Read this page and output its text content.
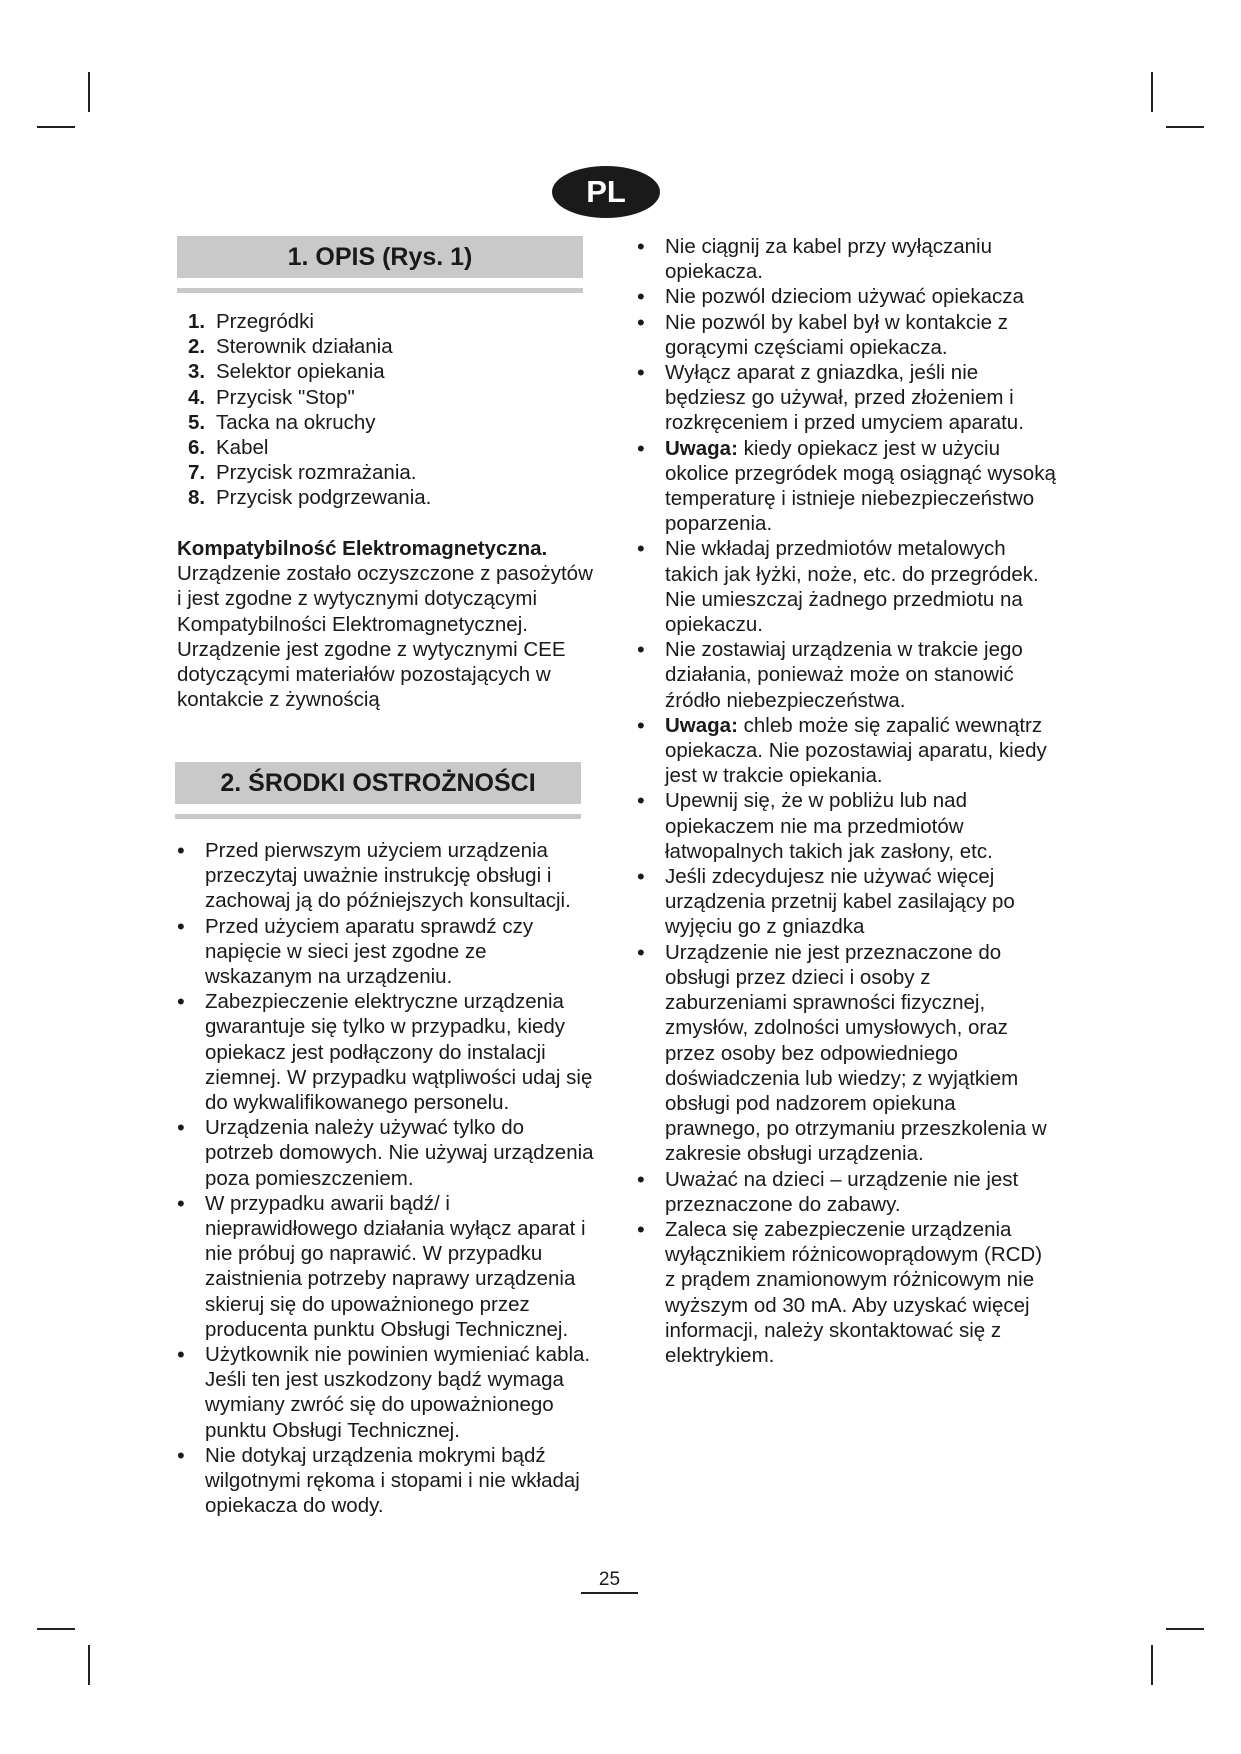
PL
1. OPIS (Rys. 1)
1. Przegródki
2. Sterownik działania
3. Selektor opiekania
4. Przycisk "Stop"
5. Tacka na okruchy
6. Kabel
7. Przycisk rozmrażania.
8. Przycisk podgrzewania.

Kompatybilność Elektromagnetyczna.

Urządzenie zostało oczyszczone z pasożytów i jest zgodne z wytycznymi dotyczącymi Kompatybilności Elektromagnetycznej.

Urządzenie jest zgodne z wytycznymi CEE dotyczącymi materiałów pozostających w kontakcie z żywnością

2. ŚRODKI OSTROŻNOŚCI
• Przed pierwszym użyciem urządzenia przeczytaj uważnie instrukcję obsługi i zachowaj ją do późniejszych konsultacji.
• Przed użyciem aparatu sprawdź czy napięcie w sieci jest zgodne ze wskazanym na urządzeniu.
• Zabezpieczenie elektryczne urządzenia gwarantuje się tylko w przypadku, kiedy opiekacz jest podłączony do instalacji ziemnej. W przypadku wątpliwości udaj się do wykwalifikowanego personelu.
• Urządzenia należy używać tylko do potrzeb domowych. Nie używaj urządzenia poza pomieszczeniem.
• W przypadku awarii bądź/ i nieprawidłowego działania wyłącz aparat i nie próbuj go naprawić. W przypadku zaistnienia potrzeby naprawy urządzenia skieruj się do upoważnionego przez producenta punktu Obsługi Technicznej.
• Użytkownik nie powinien wymieniać kabla. Jeśli ten jest uszkodzony bądź wymaga wymiany zwróć się do upoważnionego punktu Obsługi Technicznej.
• Nie dotykaj urządzenia mokrymi bądź wilgotnymi rękoma i stopami i nie wkładaj opiekacza do wody.
• Nie ciągnij za kabel przy wyłączaniu opiekacza.
• Nie pozwól dzieciom używać opiekacza
• Nie pozwól by kabel był w kontakcie z gorącymi częściami opiekacza.
• Wyłącz aparat z gniazdka, jeśli nie będziesz go używał, przed złożeniem i rozkręceniem i przed umyciem aparatu.
• Uwaga: kiedy opiekacz jest w użyciu okolice przegródek mogą osiągnąć wysoką temperaturę i istnieje niebezpieczeństwo poparzenia.
• Nie wkładaj przedmiotów metalowych takich jak łyżki, noże, etc. do przegródek. Nie umieszczaj żadnego przedmiotu na opiekaczu.
• Nie zostawiaj urządzenia w trakcie jego działania, ponieważ może on stanowić źródło niebezpieczeństwa.
• Uwaga: chleb może się zapalić wewnątrz opiekacza. Nie pozostawiaj aparatu, kiedy jest w trakcie opiekania.
• Upewnij się, że w pobliżu lub nad opiekaczem nie ma przedmiotów łatwopalnych takich jak zasłony, etc.
• Jeśli zdecydujesz nie używać więcej urządzenia przetnij kabel zasilający po wyjęciu go z gniazdka
• Urządzenie nie jest przeznaczone do obsługi przez dzieci i osoby z zaburzeniami sprawności fizycznej, zmysłów, zdolności umysłowych, oraz przez osoby bez odpowiedniego doświadczenia lub wiedzy; z wyjątkiem obsługi pod nadzorem opiekuna prawnego, po otrzymaniu przeszkolenia w zakresie obsługi urządzenia.
• Uważać na dzieci – urządzenie nie jest przeznaczone do zabawy.
• Zaleca się zabezpieczenie urządzenia wyłącznikiem różnicowoprądowym (RCD) z prądem znamionowym różnicowym nie wyższym od 30 mA. Aby uzyskać więcej informacji, należy skontaktować się z elektrykiem.
25
